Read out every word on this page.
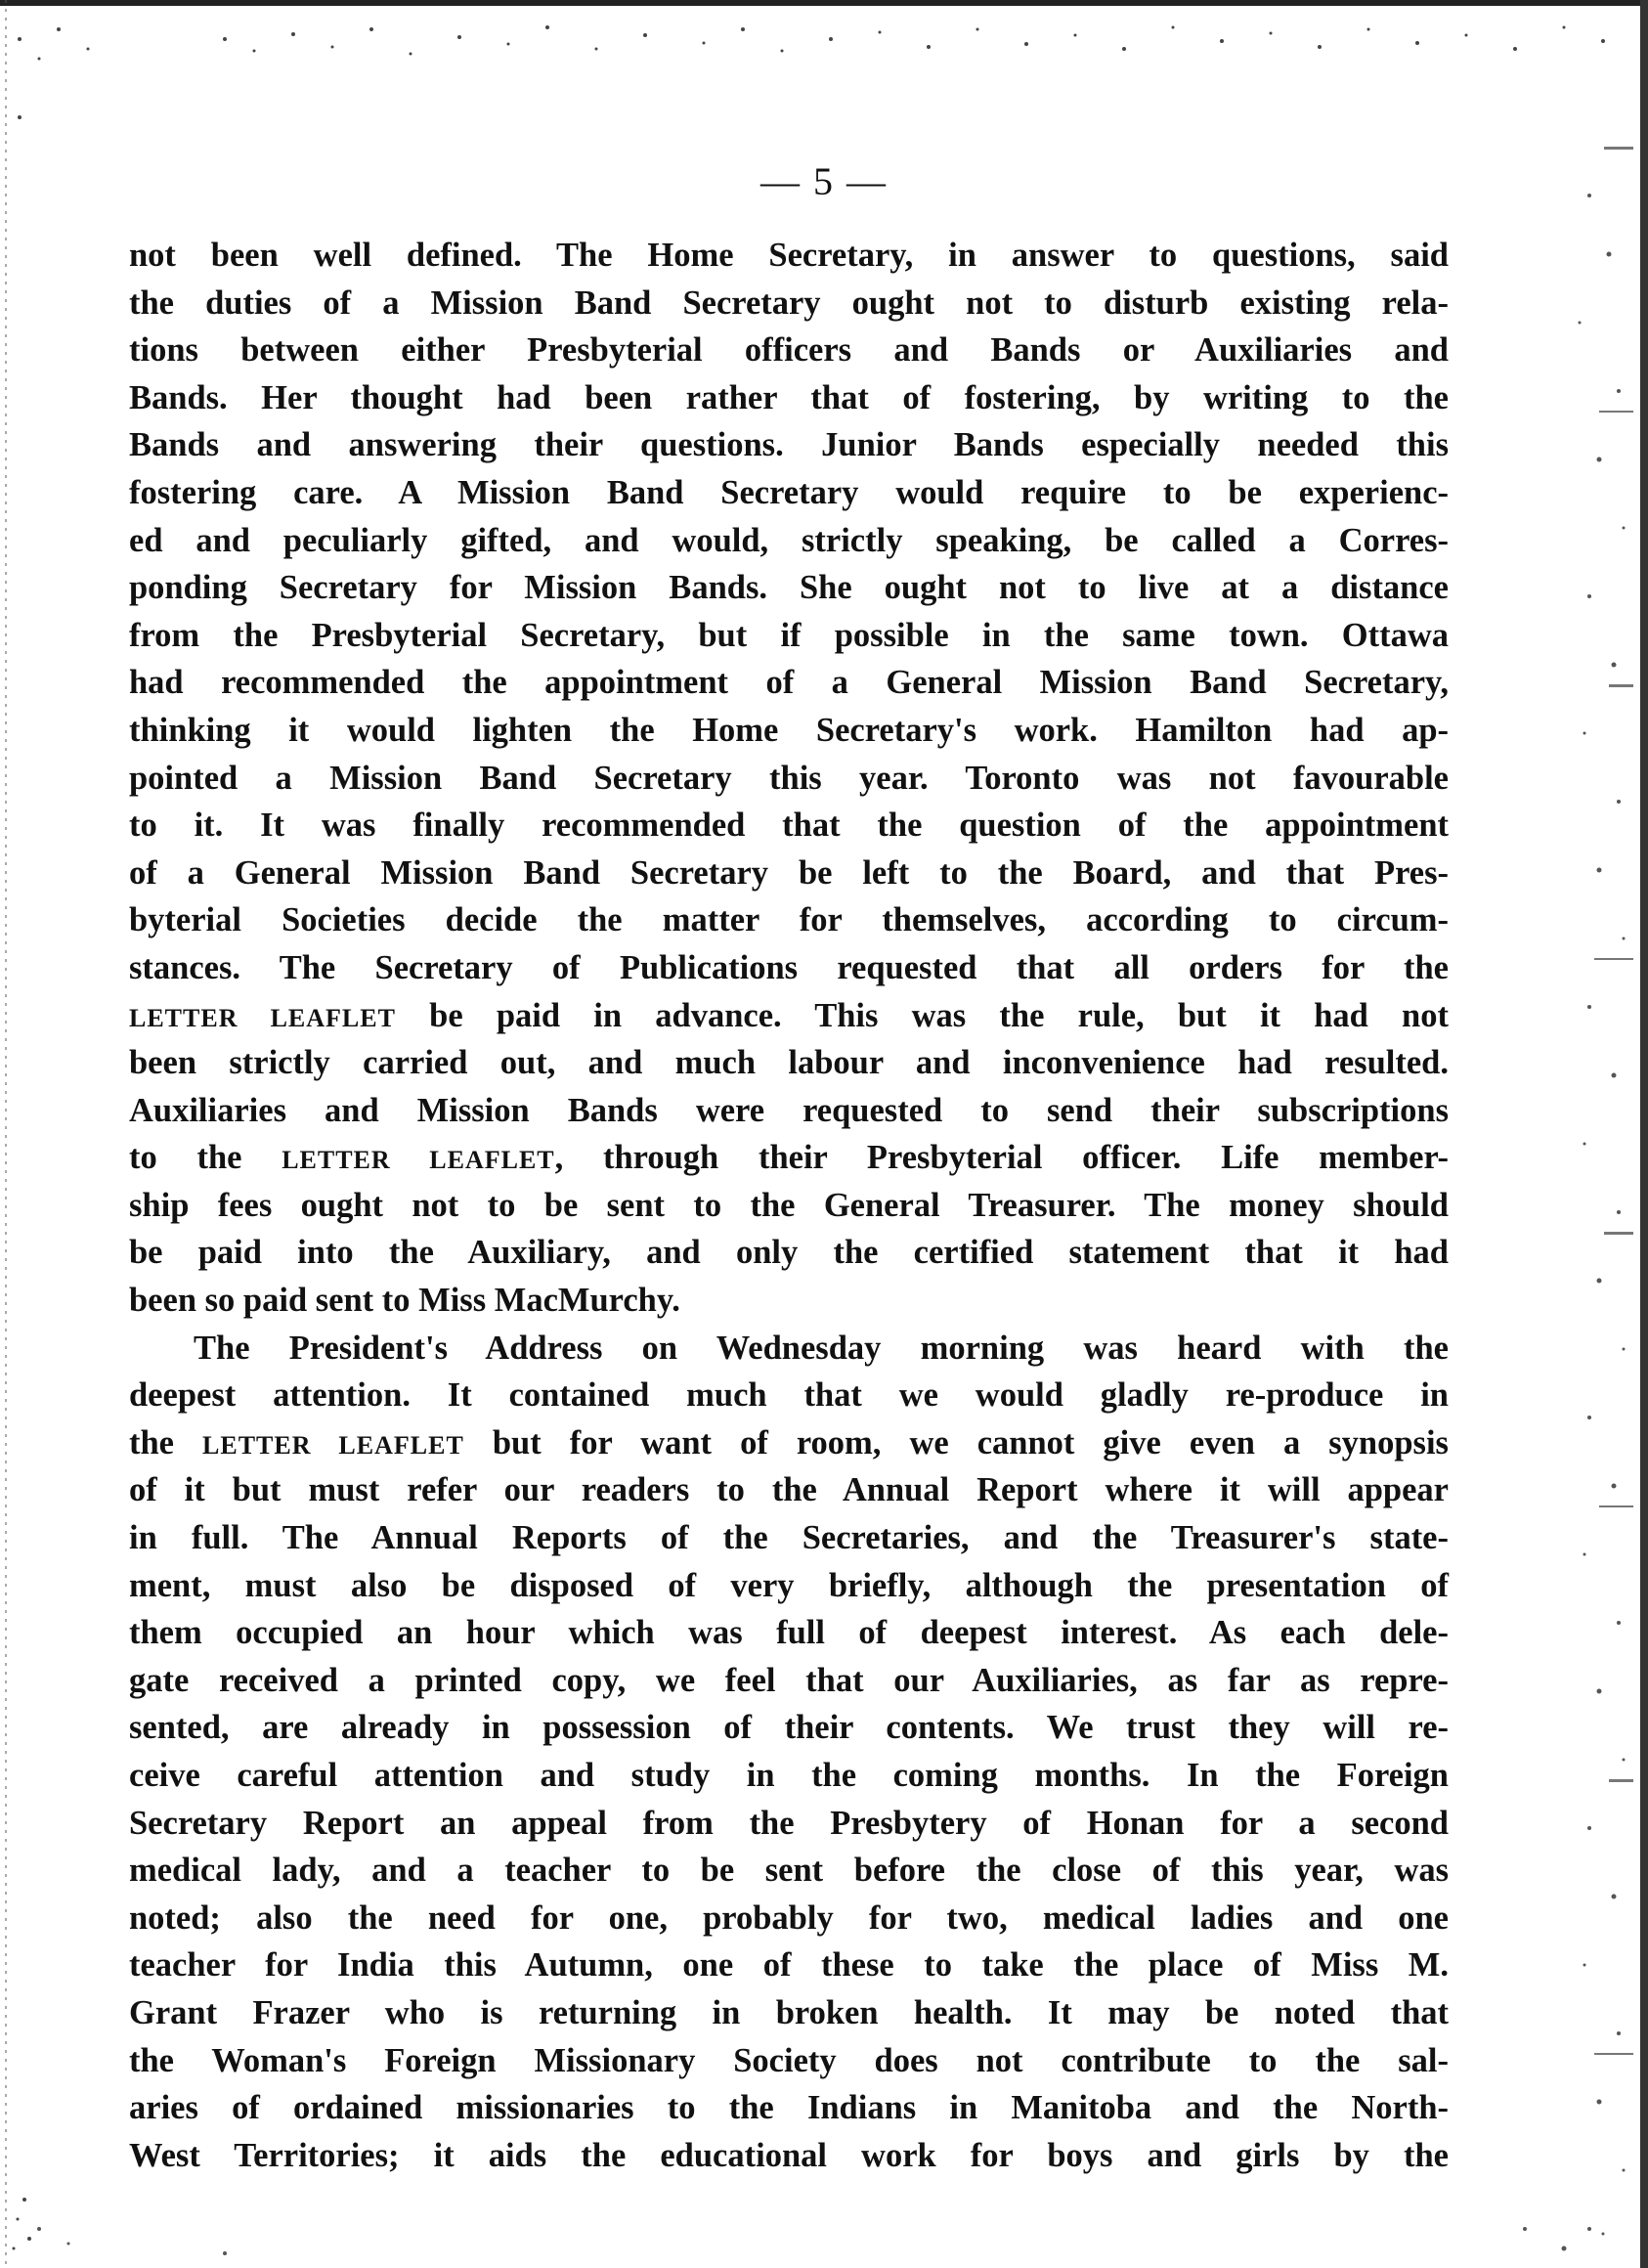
— 5 —
not been well defined. The Home Secretary, in answer to questions, said
the duties of a Mission Band Secretary ought not to disturb existing rela-
tions between either Presbyterial officers and Bands or Auxiliaries and
Bands. Her thought had been rather that of fostering, by writing to the
Bands and answering their questions. Junior Bands especially needed this
fostering care. A Mission Band Secretary would require to be experienc-
ed and peculiarly gifted, and would, strictly speaking, be called a Corres-
ponding Secretary for Mission Bands. She ought not to live at a distance
from the Presbyterial Secretary, but if possible in the same town. Ottawa
had recommended the appointment of a General Mission Band Secretary,
thinking it would lighten the Home Secretary's work. Hamilton had ap-
pointed a Mission Band Secretary this year. Toronto was not favourable
to it. It was finally recommended that the question of the appointment
of a General Mission Band Secretary be left to the Board, and that Pres-
byterial Societies decide the matter for themselves, according to circum-
stances. The Secretary of Publications requested that all orders for the
LETTER LEAFLET be paid in advance. This was the rule, but it had not
been strictly carried out, and much labour and inconvenience had resulted.
Auxiliaries and Mission Bands were requested to send their subscriptions
to the LETTER LEAFLET, through their Presbyterial officer. Life member-
ship fees ought not to be sent to the General Treasurer. The money should
be paid into the Auxiliary, and only the certified statement that it had
been so paid sent to Miss MacMurchy.
The President's Address on Wednesday morning was heard with the
deepest attention. It contained much that we would gladly re-produce in
the LETTER LEAFLET but for want of room, we cannot give even a synopsis
of it but must refer our readers to the Annual Report where it will appear
in full. The Annual Reports of the Secretaries, and the Treasurer's state-
ment, must also be disposed of very briefly, although the presentation of
them occupied an hour which was full of deepest interest. As each dele-
gate received a printed copy, we feel that our Auxiliaries, as far as repre-
sented, are already in possession of their contents. We trust they will re-
ceive careful attention and study in the coming months. In the Foreign
Secretary Report an appeal from the Presbytery of Honan for a second
medical lady, and a teacher to be sent before the close of this year, was
noted; also the need for one, probably for two, medical ladies and one
teacher for India this Autumn, one of these to take the place of Miss M.
Grant Frazer who is returning in broken health. It may be noted that
the Woman's Foreign Missionary Society does not contribute to the sal-
aries of ordained missionaries to the Indians in Manitoba and the North-
West Territories; it aids the educational work for boys and girls by the
